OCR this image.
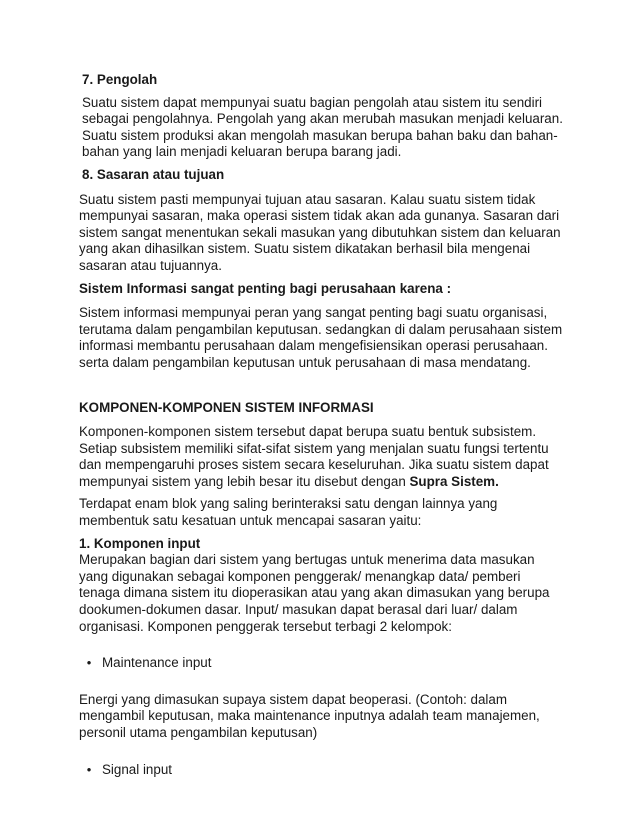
7. Pengolah

Suatu sistem dapat mempunyai suatu bagian pengolah atau sistem itu sendiri sebagai pengolahnya. Pengolah yang akan merubah masukan menjadi keluaran. Suatu sistem produksi akan mengolah masukan berupa bahan baku dan bahan-bahan yang lain menjadi keluaran berupa barang jadi.

8. Sasaran atau tujuan

Suatu sistem pasti mempunyai tujuan atau sasaran. Kalau suatu sistem tidak mempunyai sasaran, maka operasi sistem tidak akan ada gunanya. Sasaran dari sistem sangat menentukan sekali masukan yang dibutuhkan sistem dan keluaran yang akan dihasilkan sistem. Suatu sistem dikatakan berhasil bila mengenai sasaran atau tujuannya.

Sistem Informasi sangat penting bagi perusahaan karena :

Sistem informasi mempunyai peran yang sangat penting bagi suatu organisasi, terutama dalam pengambilan keputusan. sedangkan di dalam perusahaan sistem informasi membantu perusahaan dalam mengefisiensikan operasi perusahaan. serta dalam pengambilan keputusan untuk perusahaan di masa mendatang.

KOMPONEN-KOMPONEN SISTEM INFORMASI

Komponen-komponen sistem tersebut dapat berupa suatu bentuk subsistem. Setiap subsistem memiliki sifat-sifat sistem yang menjalan suatu fungsi tertentu dan mempengaruhi proses sistem secara keseluruhan. Jika suatu sistem dapat mempunyai sistem yang lebih besar itu disebut dengan Supra Sistem.

Terdapat enam blok yang saling berinteraksi satu dengan lainnya yang membentuk satu kesatuan untuk mencapai sasaran yaitu:

1. Komponen input

Merupakan bagian dari sistem yang bertugas untuk menerima data masukan yang digunakan sebagai komponen penggerak/ menangkap data/ pemberi tenaga dimana sistem itu dioperasikan atau yang akan dimasukan yang berupa dookumen-dokumen dasar. Input/ masukan dapat berasal dari luar/ dalam organisasi. Komponen penggerak tersebut terbagi 2 kelompok:

• Maintenance input

Energi yang dimasukan supaya sistem dapat beoperasi. (Contoh: dalam mengambil keputusan, maka maintenance inputnya adalah team manajemen, personil utama pengambilan keputusan)

• Signal input
